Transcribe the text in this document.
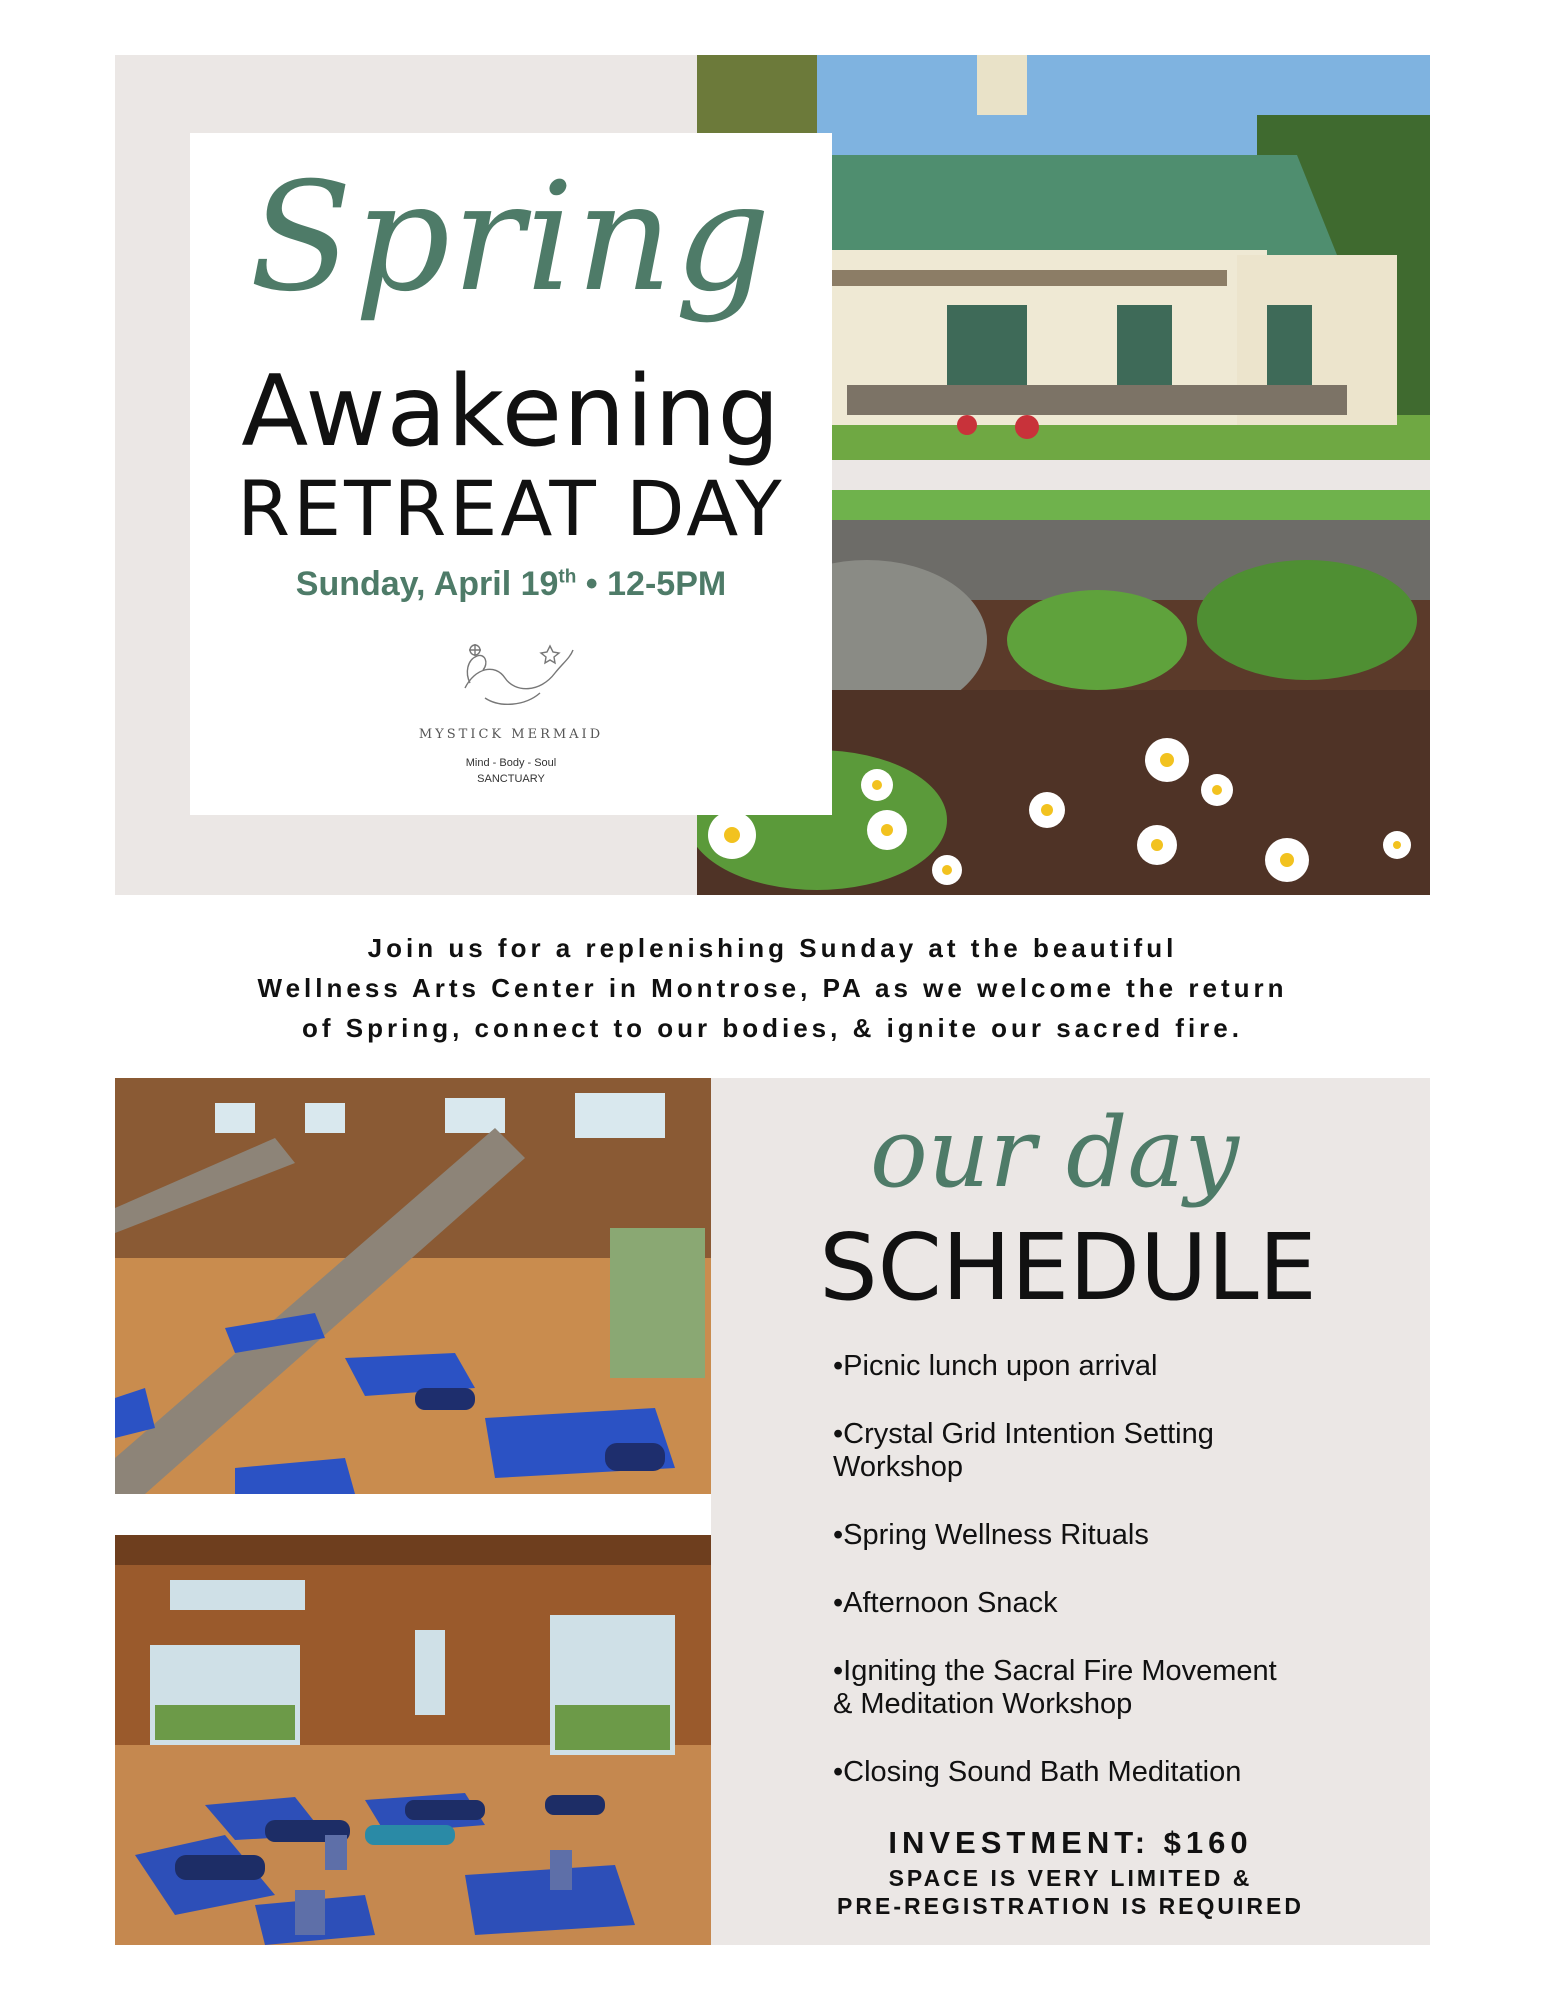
Spring
Awakening
RETREAT DAY
Sunday, April 19th • 12-5PM
MYSTICK MERMAID
Mind - Body - Soul
SANCTUARY
Join us for a replenishing Sunday at the beautiful
Wellness Arts Center in Montrose, PA as we welcome the return
of Spring, connect to our bodies, & ignite our sacred fire.
our day
SCHEDULE
•Picnic lunch upon arrival
•Crystal Grid Intention Setting
Workshop
•Spring Wellness Rituals
•Afternoon Snack
•Igniting the Sacral Fire Movement
& Meditation Workshop
•Closing Sound Bath Meditation
INVESTMENT: $160
SPACE IS VERY LIMITED &
PRE-REGISTRATION IS REQUIRED
